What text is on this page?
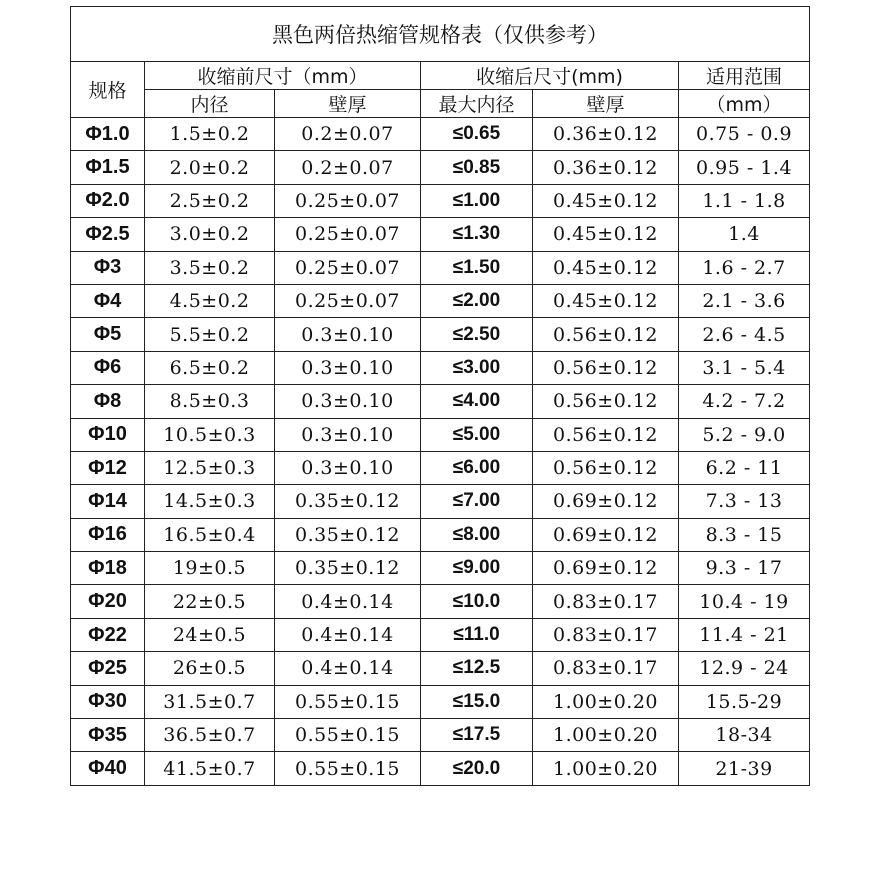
黑色两倍热缩管规格表（仅供参考）					
规格	收缩前尺寸（mm）		收缩后尺寸(mm)		适用范围
	内径	壁厚	最大内径	壁厚	（mm）
Φ1.0	1.5±0.2	0.2±0.07	≤0.65	0.36±0.12	0.75 - 0.9
Φ1.5	2.0±0.2	0.2±0.07	≤0.85	0.36±0.12	0.95 - 1.4
Φ2.0	2.5±0.2	0.25±0.07	≤1.00	0.45±0.12	1.1 - 1.8
Φ2.5	3.0±0.2	0.25±0.07	≤1.30	0.45±0.12	1.4
Φ3	3.5±0.2	0.25±0.07	≤1.50	0.45±0.12	1.6 - 2.7
Φ4	4.5±0.2	0.25±0.07	≤2.00	0.45±0.12	2.1 - 3.6
Φ5	5.5±0.2	0.3±0.10	≤2.50	0.56±0.12	2.6 - 4.5
Φ6	6.5±0.2	0.3±0.10	≤3.00	0.56±0.12	3.1 - 5.4
Φ8	8.5±0.3	0.3±0.10	≤4.00	0.56±0.12	4.2 - 7.2
Φ10	10.5±0.3	0.3±0.10	≤5.00	0.56±0.12	5.2 - 9.0
Φ12	12.5±0.3	0.3±0.10	≤6.00	0.56±0.12	6.2 - 11
Φ14	14.5±0.3	0.35±0.12	≤7.00	0.69±0.12	7.3 - 13
Φ16	16.5±0.4	0.35±0.12	≤8.00	0.69±0.12	8.3 - 15
Φ18	19±0.5	0.35±0.12	≤9.00	0.69±0.12	9.3 - 17
Φ20	22±0.5	0.4±0.14	≤10.0	0.83±0.17	10.4 - 19
Φ22	24±0.5	0.4±0.14	≤11.0	0.83±0.17	11.4 - 21
Φ25	26±0.5	0.4±0.14	≤12.5	0.83±0.17	12.9 - 24
Φ30	31.5±0.7	0.55±0.15	≤15.0	1.00±0.20	15.5-29
Φ35	36.5±0.7	0.55±0.15	≤17.5	1.00±0.20	18-34
Φ40	41.5±0.7	0.55±0.15	≤20.0	1.00±0.20	21-39
